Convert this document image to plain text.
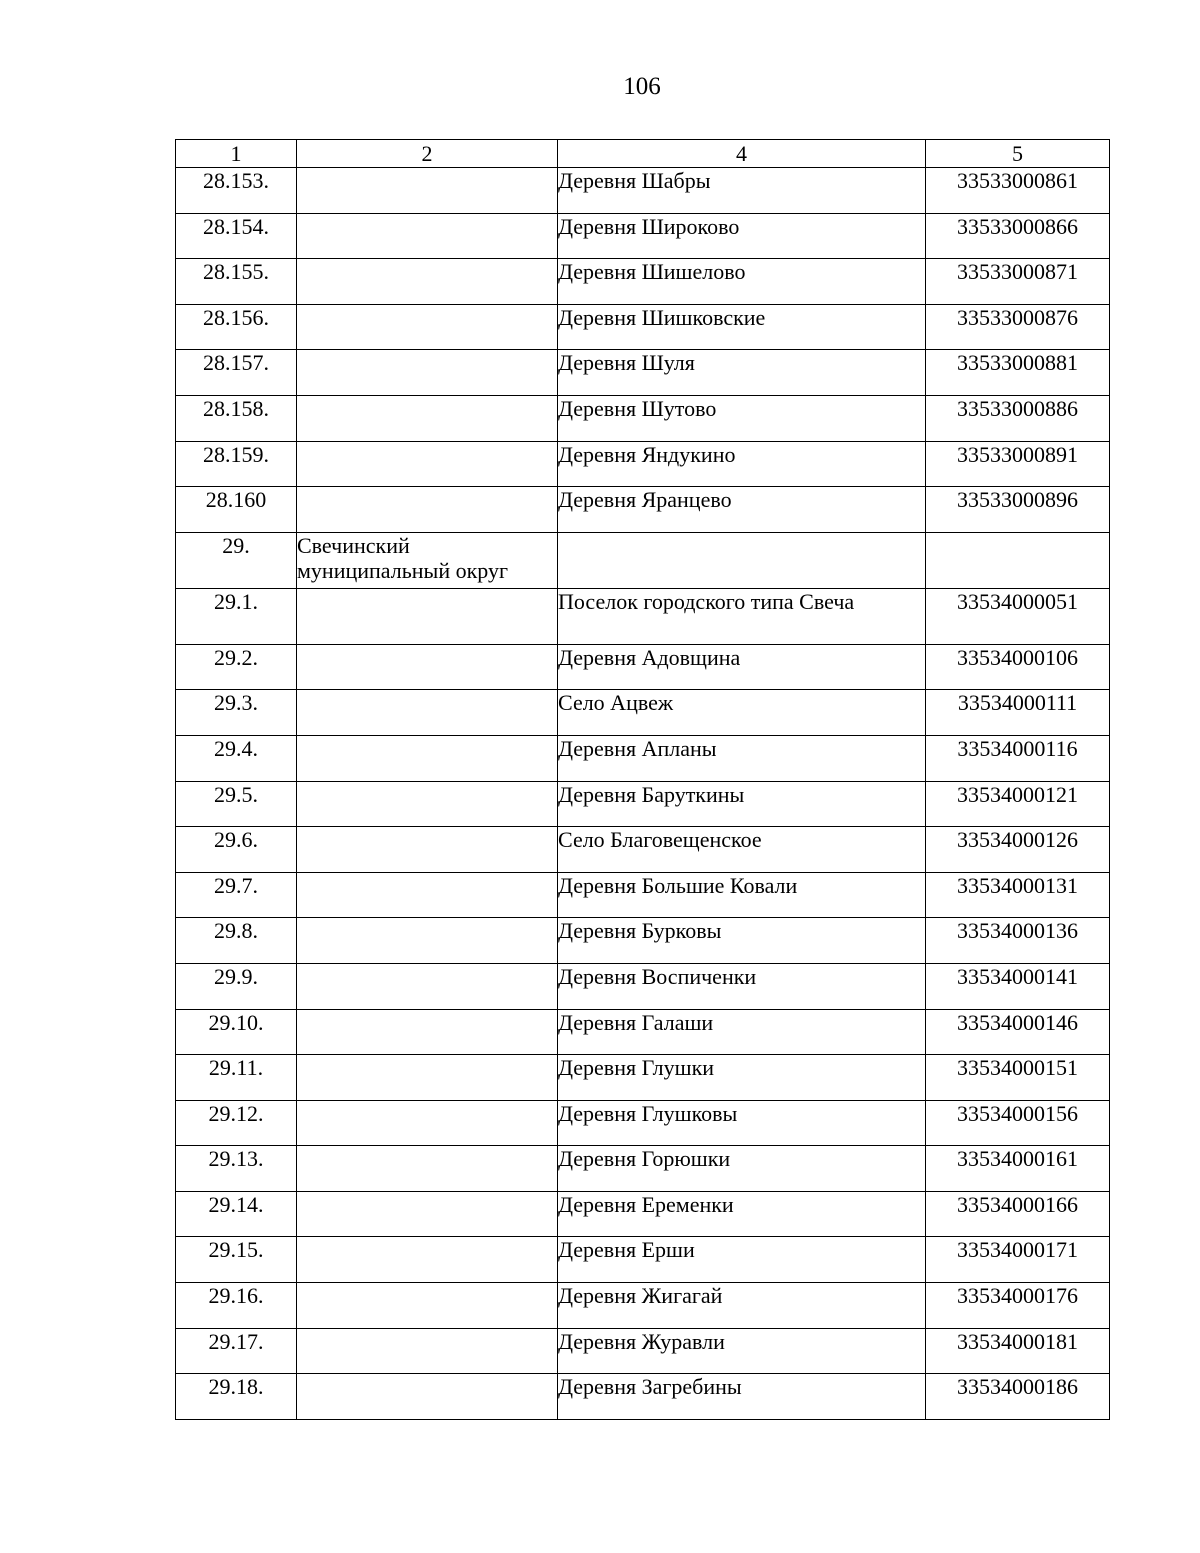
106
1	2	4	5
28.153.		Деревня Шабры	33533000861
28.154.		Деревня Широково	33533000866
28.155.		Деревня Шишелово	33533000871
28.156.		Деревня Шишковские	33533000876
28.157.		Деревня Шуля	33533000881
28.158.		Деревня Шутово	33533000886
28.159.		Деревня Яндукино	33533000891
28.160		Деревня Яранцево	33533000896
29.	Свечинский муниципальный округ		
29.1.		Поселок городского типа Свеча	33534000051
29.2.		Деревня Адовщина	33534000106
29.3.		Село Ацвеж	33534000111
29.4.		Деревня Апланы	33534000116
29.5.		Деревня Баруткины	33534000121
29.6.		Село Благовещенское	33534000126
29.7.		Деревня Большие Ковали	33534000131
29.8.		Деревня Бурковы	33534000136
29.9.		Деревня Воспиченки	33534000141
29.10.		Деревня Галаши	33534000146
29.11.		Деревня Глушки	33534000151
29.12.		Деревня Глушковы	33534000156
29.13.		Деревня Горюшки	33534000161
29.14.		Деревня Еременки	33534000166
29.15.		Деревня Ерши	33534000171
29.16.		Деревня Жигагай	33534000176
29.17.		Деревня Журавли	33534000181
29.18.		Деревня Загребины	33534000186
